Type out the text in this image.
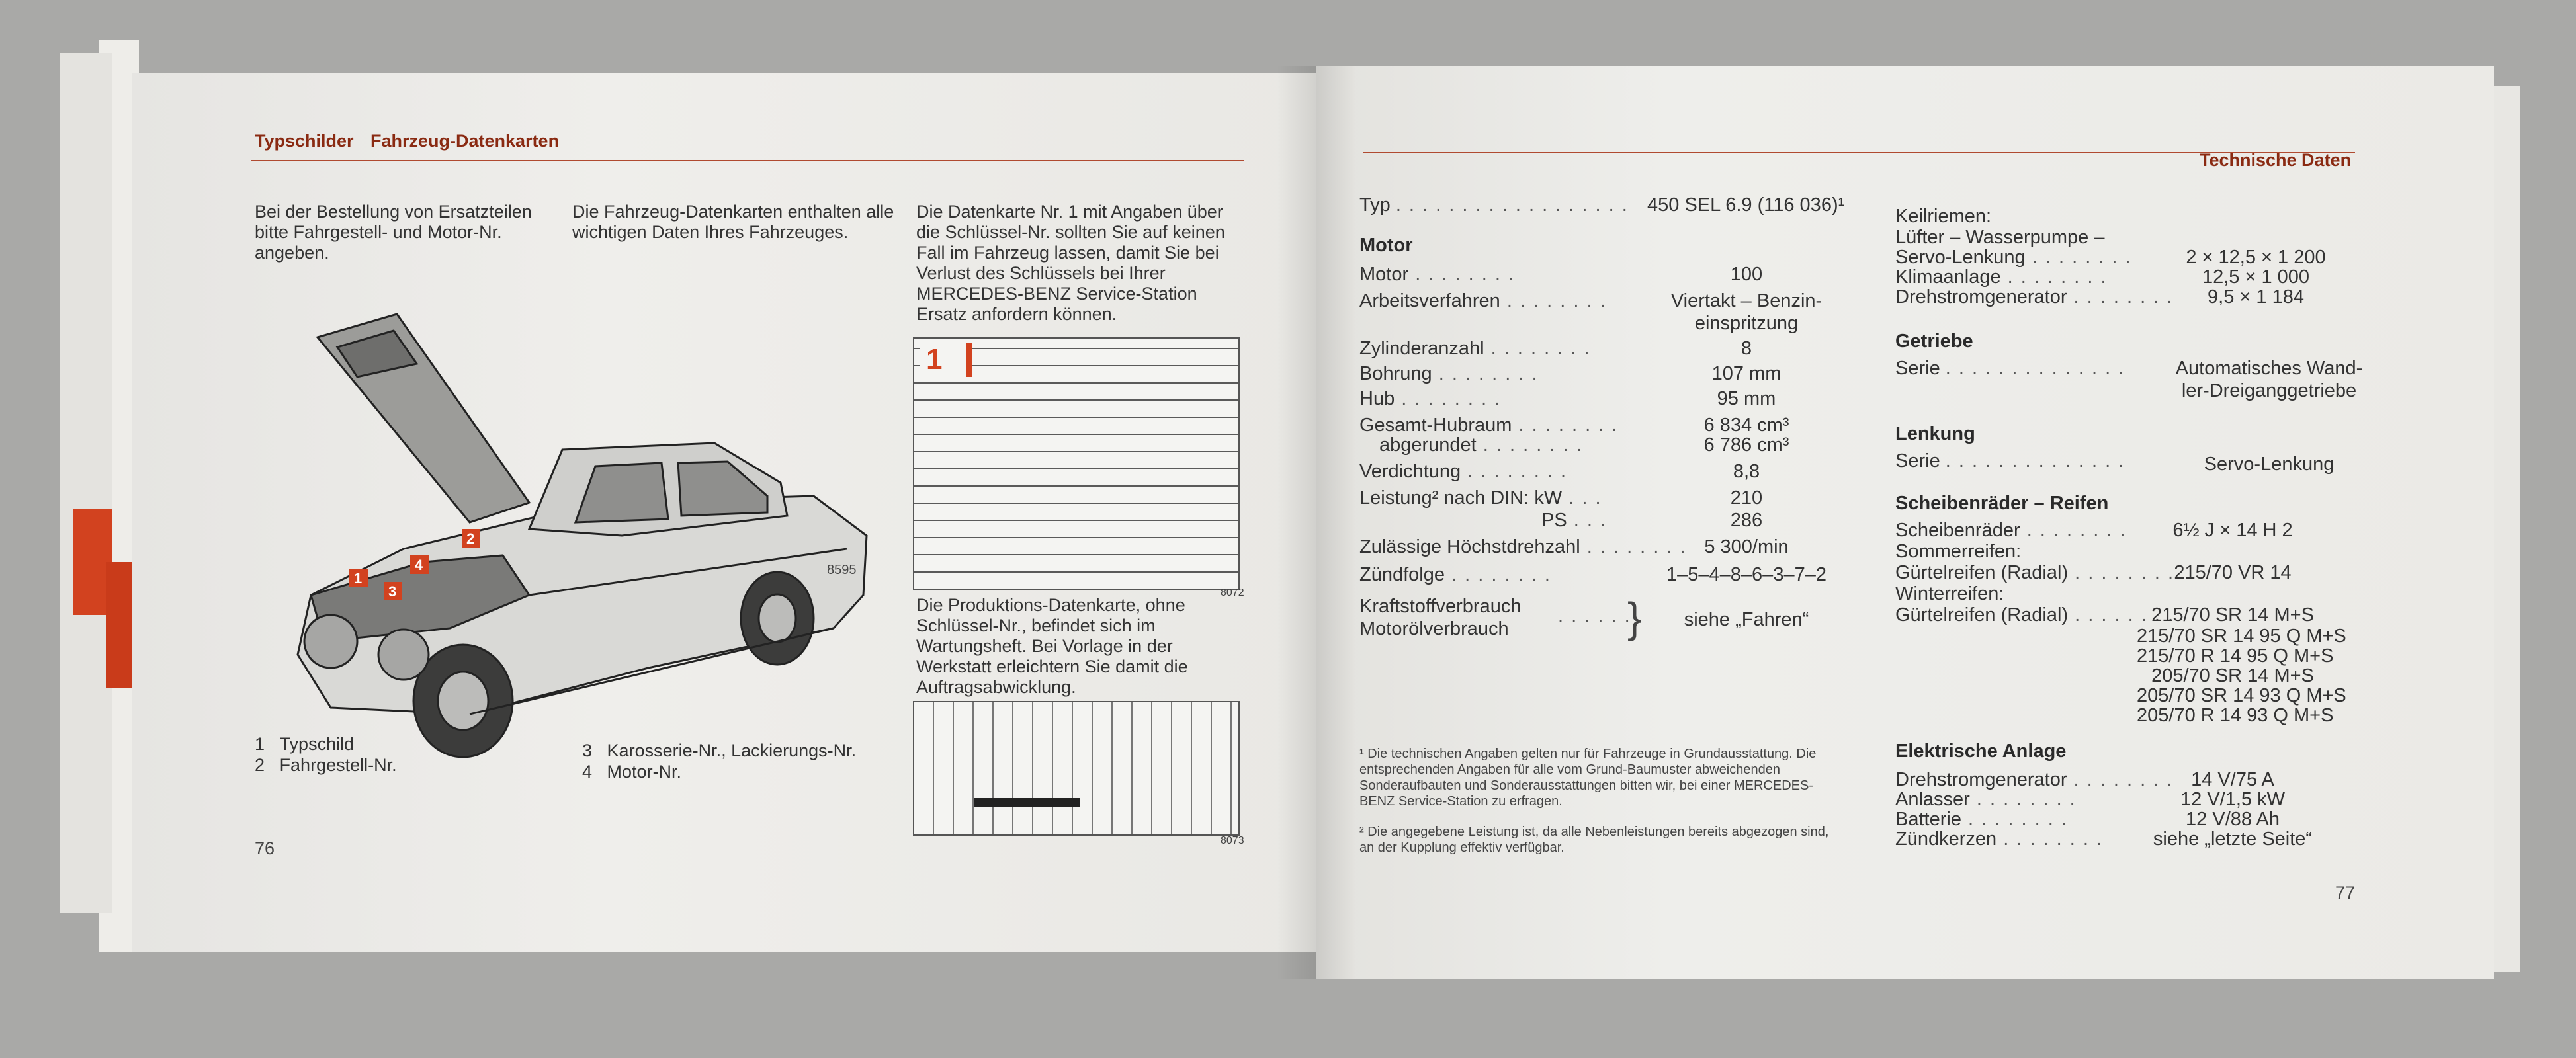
Typschilder Fahrzeug-Datenkarten
Bei der Bestellung von Ersatzteilen bitte Fahrgestell- und Motor-Nr. angeben.
Die Fahrzeug-Datenkarten enthalten alle wichtigen Daten Ihres Fahrzeuges.
Die Datenkarte Nr. 1 mit Angaben über die Schlüssel-Nr. sollten Sie auf keinen Fall im Fahrzeug lassen, damit Sie bei Verlust des Schlüssels bei Ihrer MERCEDES-BENZ Service-Station Ersatz anfordern können.
1
2
3
4	8595
1
8072
Die Produktions-Datenkarte, ohne Schlüssel-Nr., befindet sich im Wartungsheft. Bei Vorlage in der Werkstatt erleichtern Sie damit die Auftragsabwicklung.
8073
1 Typschild
2 Fahrgestell-Nr.
3 Karosserie-Nr., Lackierungs-Nr.
4 Motor-Nr.
76
Technische Daten
Typ . . . . . . . . . . . . . . . . . . 450 SEL 6.9 (116 036)¹
Motor
Motor . . . . . . . .	100
Arbeitsverfahren . . . . . . . .	Viertakt – Benzin-
einspritzung
Zylinderanzahl . . . . . . . .	8
Bohrung . . . . . . . .	107 mm
Hub . . . . . . . .	95 mm
Gesamt-Hubraum . . . . . . . .	6 834 cm³
abgerundet . . . . . . . .	6 786 cm³
Verdichtung . . . . . . . .	8,8
Leistung² nach DIN: kW . . .	210
PS . . .	286
Zulässige Höchstdrehzahl . . . . . . . . 5 300/min
Zündfolge . . . . . . . .	1–5–4–8–6–3–7–2
Kraftstoffverbrauch
Motorölverbrauch
. . . . . .
}	siehe „Fahren“
¹ Die technischen Angaben gelten nur für Fahrzeuge in Grundausstattung. Die entsprechenden Angaben für alle vom Grund-Baumuster abweichenden Sonderaufbauten und Sonderausstattungen bitten wir, bei einer MERCEDES-BENZ Service-Station zu erfragen.
² Die angegebene Leistung ist, da alle Nebenleistungen bereits abgezogen sind, an der Kupplung effektiv verfügbar.
Keilriemen:
Lüfter – Wasserpumpe –
Servo-Lenkung . . . . . . . .	2 × 12,5 × 1 200
Klimaanlage . . . . . . . .	12,5 × 1 000
Drehstromgenerator . . . . . . . .	9,5 × 1 184
Getriebe
Serie . . . . . . . . . . . . . .	Automatisches Wand-
ler-Dreiganggetriebe
Lenkung
Serie . . . . . . . . . . . . . .	Servo-Lenkung
Scheibenräder – Reifen
Scheibenräder . . . . . . . .	6½ J × 14 H 2
Sommerreifen:
Gürtelreifen (Radial) . . . . . . . . 215/70 VR 14
Winterreifen:
Gürtelreifen (Radial) . . . . . . . .
215/70 SR 14 M+S
215/70 SR 14 95 Q M+S
215/70 R 14 95 Q M+S
205/70 SR 14 M+S
205/70 SR 14 93 Q M+S
205/70 R 14 93 Q M+S
Elektrische Anlage
Drehstromgenerator . . . . . . . . 14 V/75 A
Anlasser . . . . . . . .	12 V/1,5 kW
Batterie . . . . . . . .	12 V/88 Ah
Zündkerzen . . . . . . . .	siehe „letzte Seite“
77
